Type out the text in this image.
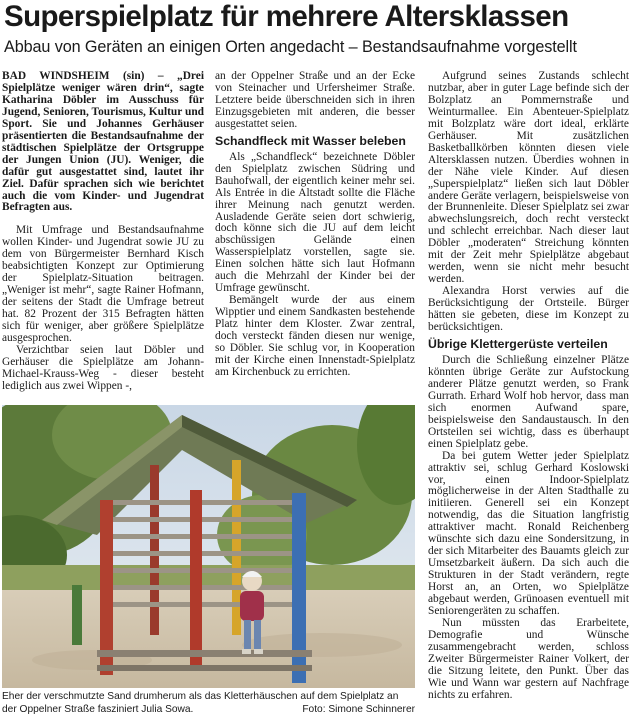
Superspielplatz für mehrere Altersklassen
Abbau von Geräten an einigen Orten angedacht – Bestandsaufnahme vorgestellt

BAD WINDSHEIM (sin) – „Drei Spielplätze weniger wären drin“, sagte Katharina Döbler im Ausschuss für Jugend, Senioren, Tourismus, Kultur und Sport. Sie und Johannes Gerhäuser präsentierten die Bestandsaufnahme der städtischen Spielplätze der Ortsgruppe der Jungen Union (JU). Weniger, die dafür gut ausgestattet sind, lautet ihr Ziel. Dafür sprachen sich wie berichtet auch die vom Kinder- und Jugendrat Befragten aus.

Mit Umfrage und Bestandsaufnahme wollen Kinder- und Jugendrat sowie JU zu dem von Bürgermeister Bernhard Kisch beabsichtigten Konzept zur Optimierung der Spielplatz-Situation beitragen. „Weniger ist mehr“, sagte Rainer Hofmann, der seitens der Stadt die Umfrage betreut hat. 82 Prozent der 315 Befragten hätten sich für weniger, aber größere Spielplätze ausgesprochen.

Verzichtbar seien laut Döbler und Gerhäuser die Spielplätze am Johann-Michael-Krauss-Weg - dieser besteht lediglich aus zwei Wippen -,

an der Oppelner Straße und an der Ecke von Steinacher und Urfersheimer Straße. Letztere beide überschneiden sich in ihren Einzugsgebieten mit anderen, die besser ausgestattet seien.

Schandfleck mit Wasser beleben

Als „Schandfleck“ bezeichnete Döbler den Spielplatz zwischen Südring und Bauhofwall, der eigentlich keiner mehr sei. Als Entrée in die Altstadt sollte die Fläche ihrer Meinung nach genutzt werden. Ausladende Geräte seien dort schwierig, doch könne sich die JU auf dem leicht abschüssigen Gelände einen Wasserspielplatz vorstellen, sagte sie. Einen solchen hätte sich laut Hofmann auch die Mehrzahl der Kinder bei der Umfrage gewünscht.

Bemängelt wurde der aus einem Wipptier und einem Sandkasten bestehende Platz hinter dem Kloster. Zwar zentral, doch versteckt fänden diesen nur wenige, so Döbler. Sie schlug vor, in Kooperation mit der Kirche einen Innenstadt-Spielplatz am Kirchenbuck zu errichten.

Aufgrund seines Zustands schlecht nutzbar, aber in guter Lage befinde sich der Bolzplatz an Pommernstraße und Weinturmallee. Ein Abenteuer-Spielplatz mit Bolzplatz wäre dort ideal, erklärte Gerhäuser. Mit zusätzlichen Basketballkörben könnten diesen viele Altersklassen nutzen. Überdies wohnen in der Nähe viele Kinder. Auf diesen „Superspielplatz“ ließen sich laut Döbler andere Geräte verlagern, beispielsweise von der Brunnenleite. Dieser Spielplatz sei zwar abwechslungsreich, doch recht versteckt und schlecht erreichbar. Nach dieser laut Döbler „moderaten“ Streichung könnten mit der Zeit mehr Spielplätze abgebaut werden, wenn sie nicht mehr besucht werden.

Alexandra Horst verwies auf die Berücksichtigung der Ortsteile. Bürger hätten sie gebeten, diese im Konzept zu berücksichtigen.

Übrige Klettergerüste verteilen

Durch die Schließung einzelner Plätze könnten übrige Geräte zur Aufstockung anderer Plätze genutzt werden, so Frank Gurrath. Erhard Wolf hob hervor, dass man sich enormen Aufwand spare, beispielsweise den Sandaustausch. In den Ortsteilen sei wichtig, dass es überhaupt einen Spielplatz gebe.

Da bei gutem Wetter jeder Spielplatz attraktiv sei, schlug Gerhard Koslowski vor, einen Indoor-Spielplatz möglicherweise in der Alten Stadthalle zu initiieren. Generell sei ein Konzept notwendig, das die Situation langfristig attraktiver macht. Ronald Reichenberg wünschte sich dazu eine Sondersitzung, in der sich Mitarbeiter des Bauamts gleich zur Umsetzbarkeit äußern. Da sich auch die Strukturen in der Stadt verändern, regte Horst an, an Orten, wo Spielplätze abgebaut werden, Grünoasen eventuell mit Seniorengeräten zu schaffen.

Nun müssten das Erarbeitete, Demografie und Wünsche zusammengebracht werden, schloss Zweiter Bürgermeister Rainer Volkert, der die Sitzung leitete, den Punkt. Über das Wie und Wann war gestern auf Nachfrage nichts zu erfahren.

Eher der verschmutzte Sand drumherum als das Kletterhäuschen auf dem Spielplatz an der Oppelner Straße fasziniert Julia Sowa.	Foto: Simone Schinnerer
